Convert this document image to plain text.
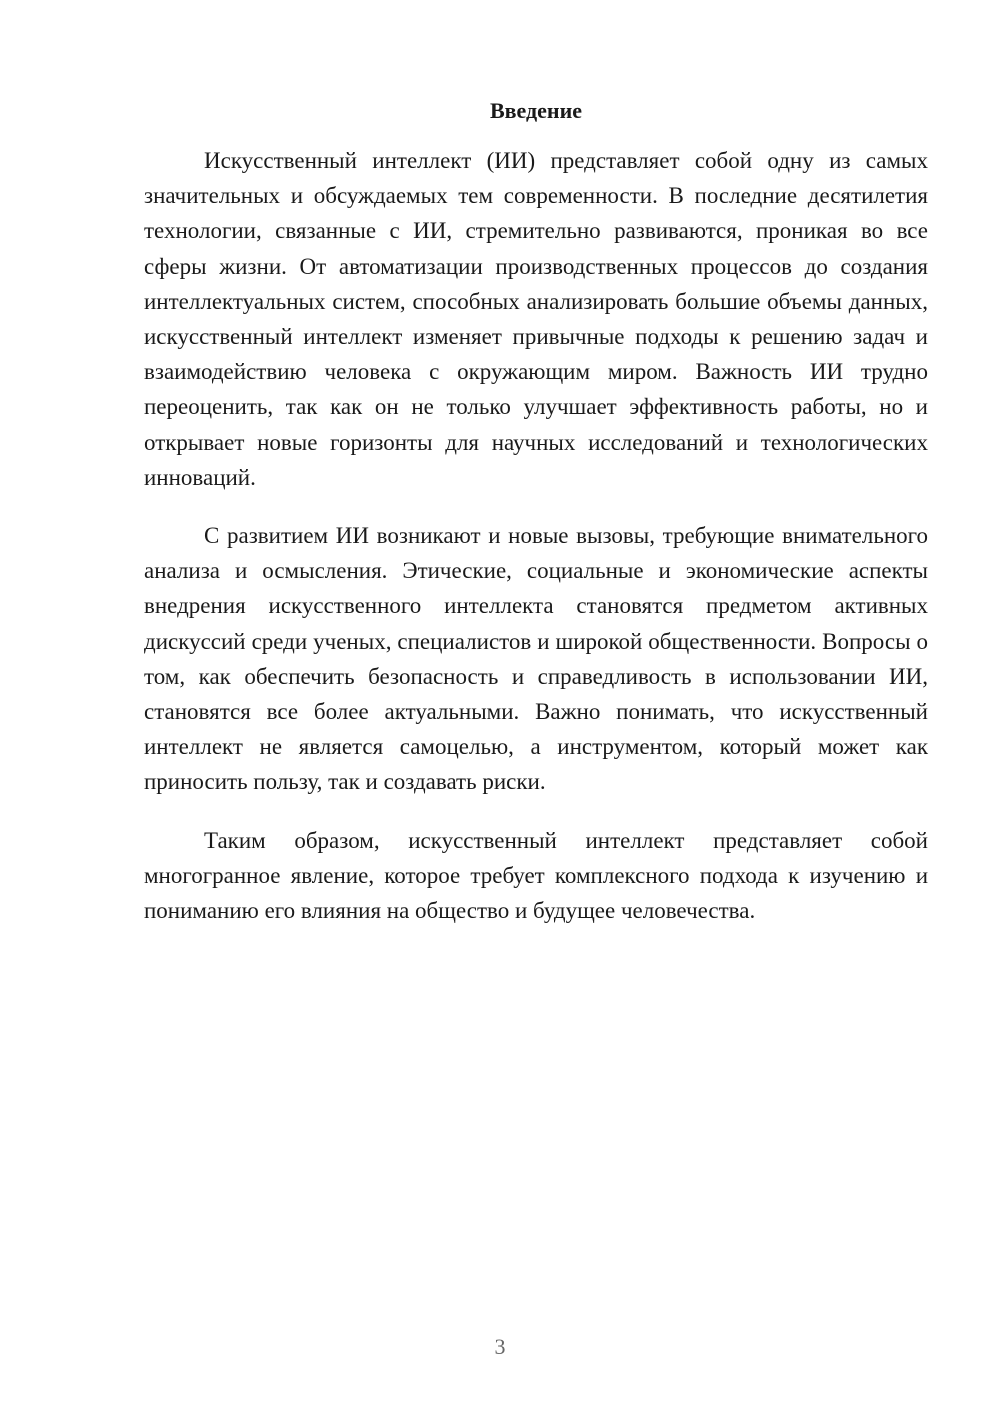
Введение

Искусственный интеллект (ИИ) представляет собой одну из самых значительных и обсуждаемых тем современности. В последние десятилетия технологии, связанные с ИИ, стремительно развиваются, проникая во все сферы жизни. От автоматизации производственных процессов до создания интеллектуальных систем, способных анализировать большие объемы данных, искусственный интеллект изменяет привычные подходы к решению задач и взаимодействию человека с окружающим миром. Важность ИИ трудно переоценить, так как он не только улучшает эффективность работы, но и открывает новые горизонты для научных исследований и технологических инноваций.

С развитием ИИ возникают и новые вызовы, требующие внимательного анализа и осмысления. Этические, социальные и экономические аспекты внедрения искусственного интеллекта становятся предметом активных дискуссий среди ученых, специалистов и широкой общественности. Вопросы о том, как обеспечить безопасность и справедливость в использовании ИИ, становятся все более актуальными. Важно понимать, что искусственный интеллект не является самоцелью, а инструментом, который может как приносить пользу, так и создавать риски.

Таким образом, искусственный интеллект представляет собой многогранное явление, которое требует комплексного подхода к изучению и пониманию его влияния на общество и будущее человечества.

3
